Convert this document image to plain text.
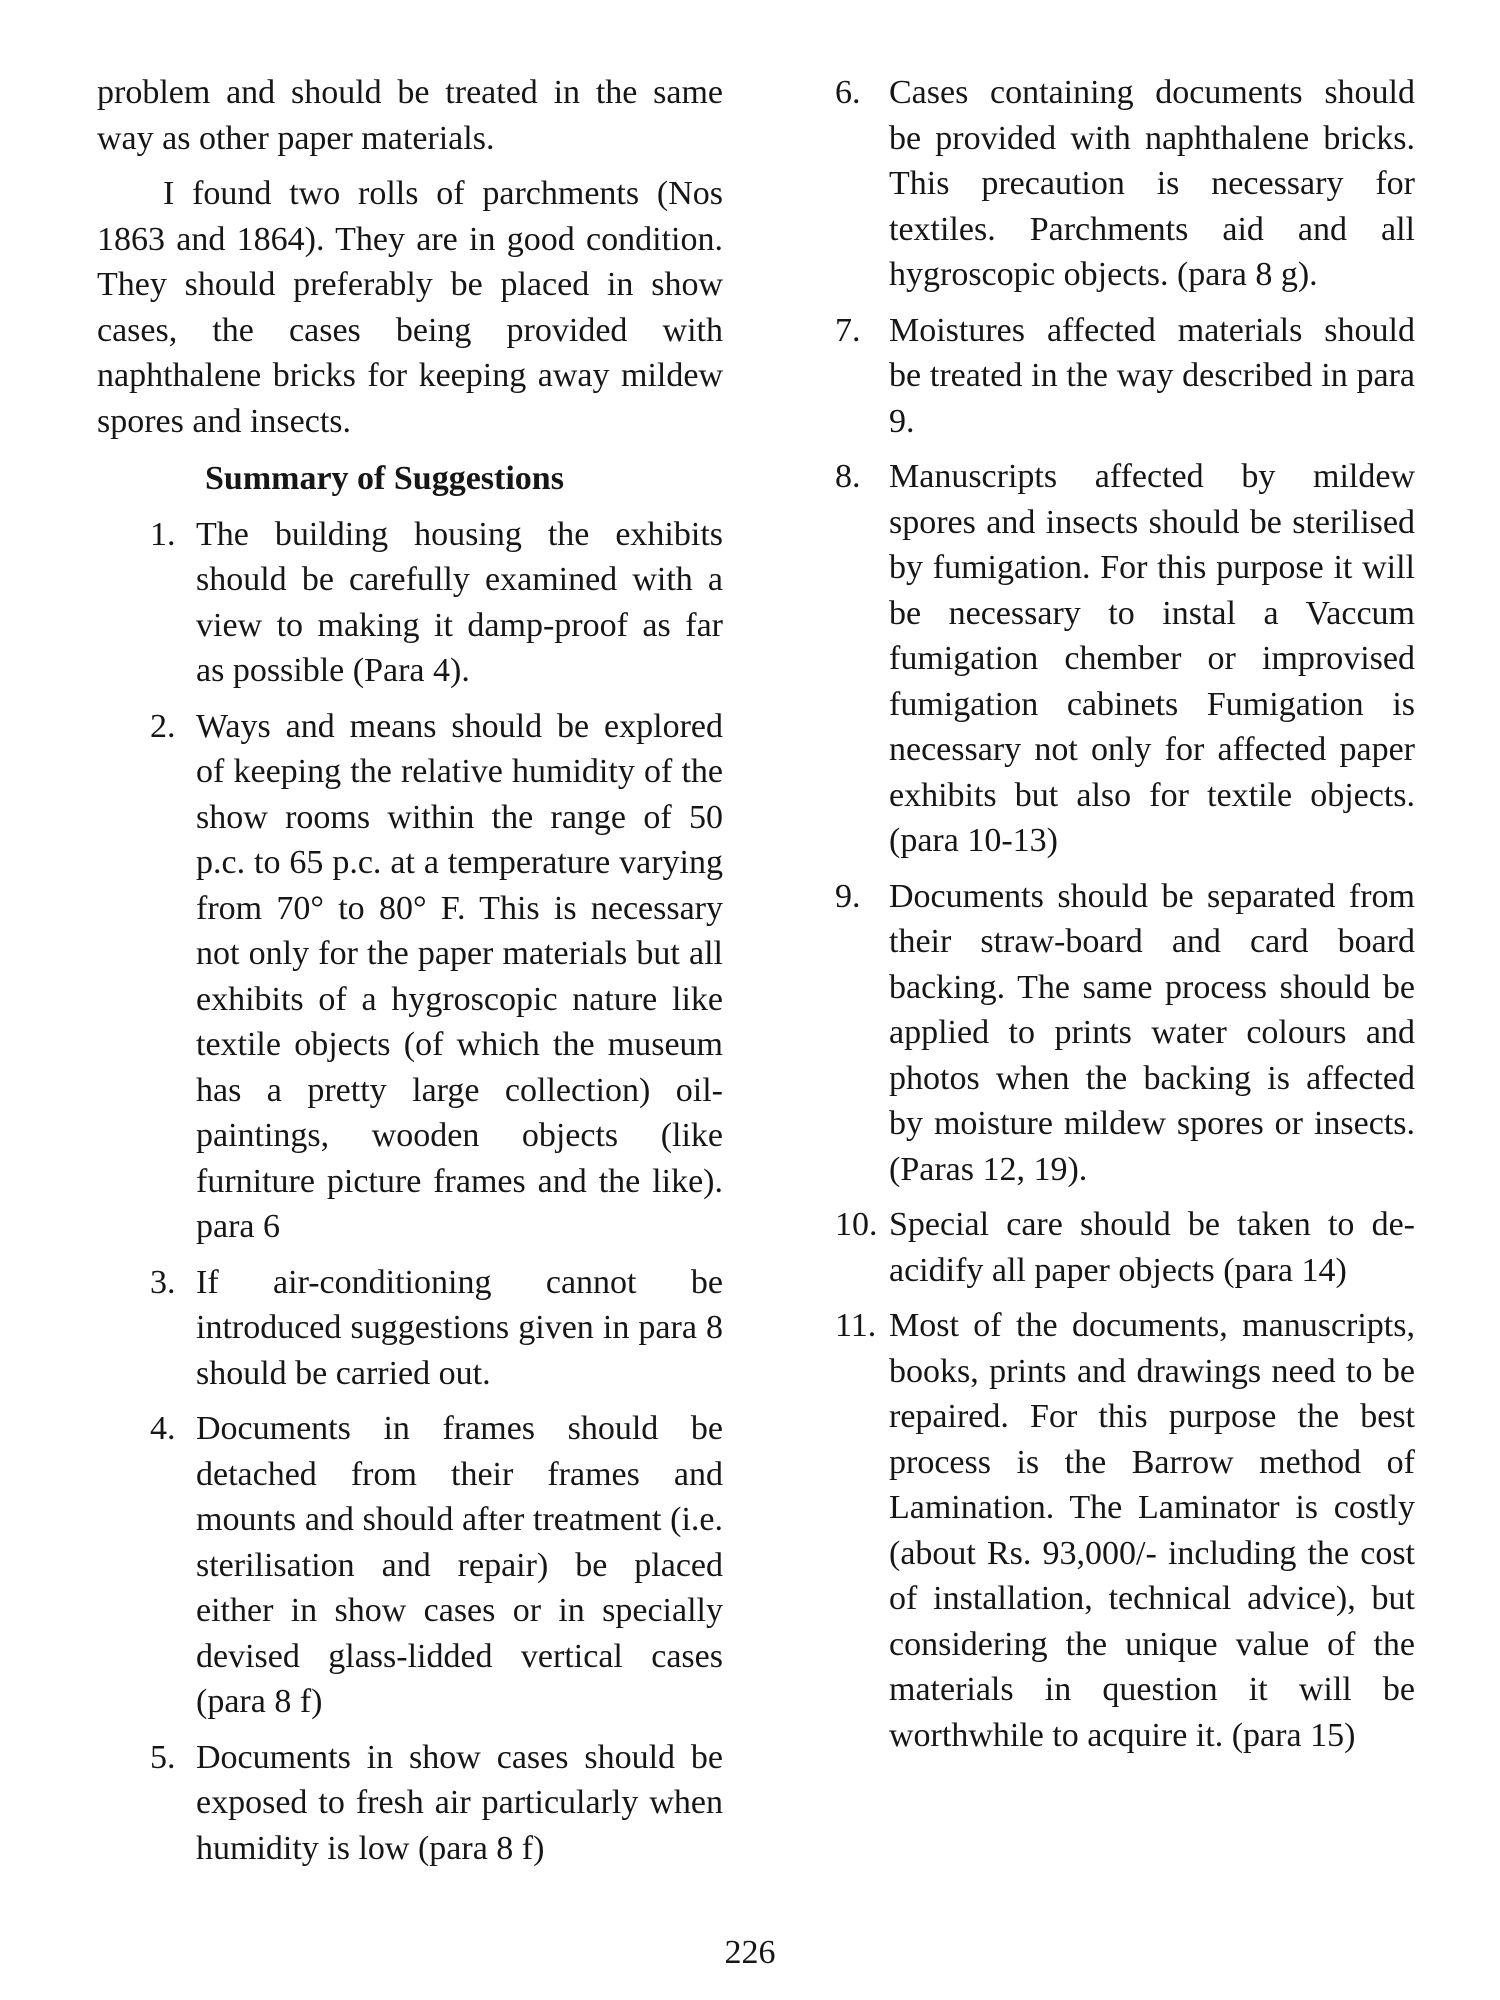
problem and should be treated in the same way as other paper materials.

I found two rolls of parchments (Nos 1863 and 1864). They are in good condition. They should preferably be placed in show cases, the cases being provided with naphthalene bricks for keeping away mildew spores and insects.

Summary of Suggestions
1. The building housing the exhibits should be carefully examined with a view to making it damp-proof as far as possible (Para 4).
2. Ways and means should be explored of keeping the relative humidity of the show rooms within the range of 50 p.c. to 65 p.c. at a temperature varying from 70° to 80° F. This is necessary not only for the paper materials but all exhibits of a hygroscopic nature like textile objects (of which the museum has a pretty large collection) oil-paintings, wooden objects (like furniture picture frames and the like). para 6
3. If air-conditioning cannot be introduced suggestions given in para 8 should be carried out.
4. Documents in frames should be detached from their frames and mounts and should after treatment (i.e. sterilisation and repair) be placed either in show cases or in specially devised glass-lidded vertical cases (para 8 f)
5. Documents in show cases should be exposed to fresh air particularly when humidity is low (para 8 f)
6. Cases containing documents should be provided with naphthalene bricks. This precaution is necessary for textiles. Parchments aid and all hygroscopic objects. (para 8 g).
7. Moistures affected materials should be treated in the way described in para 9.
8. Manuscripts affected by mildew spores and insects should be sterilised by fumigation. For this purpose it will be necessary to instal a Vaccum fumigation chember or improvised fumigation cabinets Fumigation is necessary not only for affected paper exhibits but also for textile objects. (para 10-13)
9. Documents should be separated from their straw-board and card board backing. The same process should be applied to prints water colours and photos when the backing is affected by moisture mildew spores or insects. (Paras 12, 19).
10. Special care should be taken to de-acidify all paper objects (para 14)
11. Most of the documents, manuscripts, books, prints and drawings need to be repaired. For this purpose the best process is the Barrow method of Lamination. The Laminator is costly (about Rs. 93,000/- including the cost of installation, technical advice), but considering the unique value of the materials in question it will be worthwhile to acquire it. (para 15)
226
